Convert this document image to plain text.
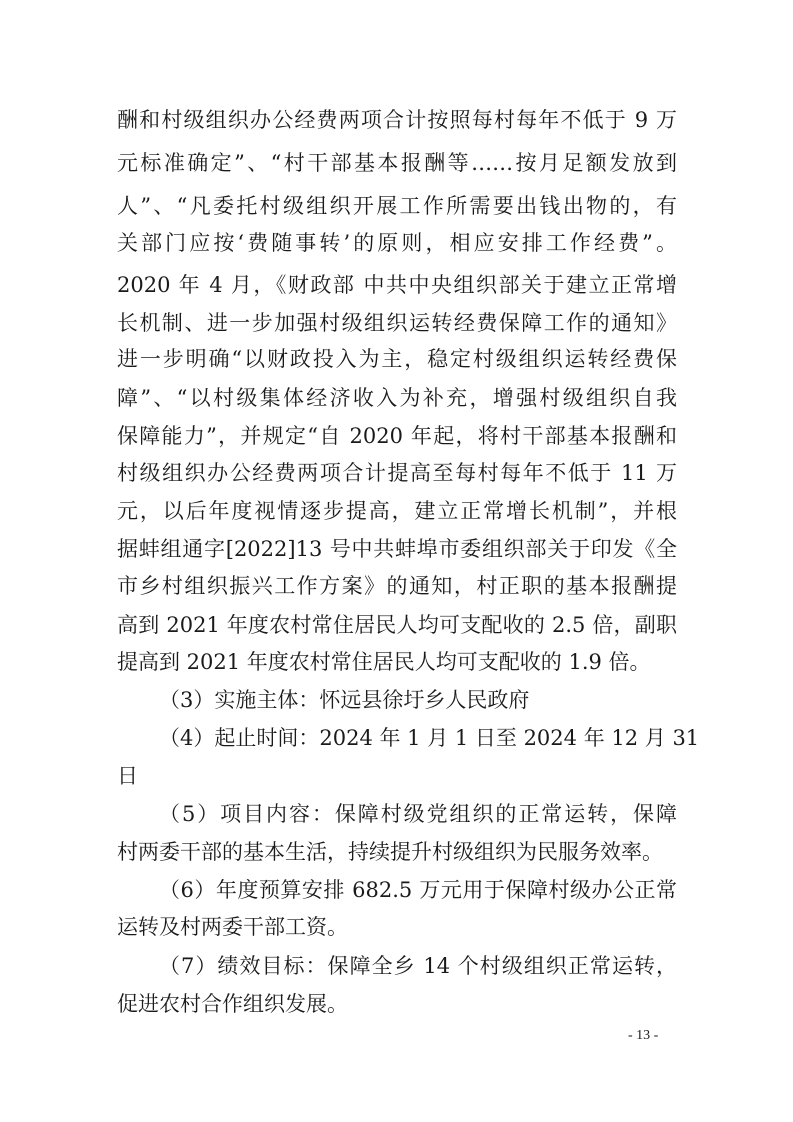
酬和村级组织办公经费两项合计按照每村每年不低于 9 万
元标准确定”、“村干部基本报酬等……按月足额发放到
人”、“凡委托村级组织开展工作所需要出钱出物的，有
关部门应按‘费随事转’的原则，相应安排工作经费”。
2020 年 4 月，《财政部 中共中央组织部关于建立正常增
长机制、进一步加强村级组织运转经费保障工作的通知》
进一步明确“以财政投入为主，稳定村级组织运转经费保
障”、“以村级集体经济收入为补充，增强村级组织自我
保障能力”，并规定“自 2020 年起，将村干部基本报酬和
村级组织办公经费两项合计提高至每村每年不低于 11 万
元，以后年度视情逐步提高，建立正常增长机制”，并根
据蚌组通字[2022]13 号中共蚌埠市委组织部关于印发《全
市乡村组织振兴工作方案》的通知，村正职的基本报酬提
高到 2021 年度农村常住居民人均可支配收的 2.5 倍，副职
提高到 2021 年度农村常住居民人均可支配收的 1.9 倍。
（3）实施主体：怀远县徐圩乡人民政府
（4）起止时间：2024 年 1 月 1 日至 2024 年 12 月 31
日
（5）项目内容：保障村级党组织的正常运转，保障
村两委干部的基本生活，持续提升村级组织为民服务效率。
（6）年度预算安排 682.5 万元用于保障村级办公正常
运转及村两委干部工资。
（7）绩效目标：保障全乡 14 个村级组织正常运转，
促进农村合作组织发展。
- 13 -
